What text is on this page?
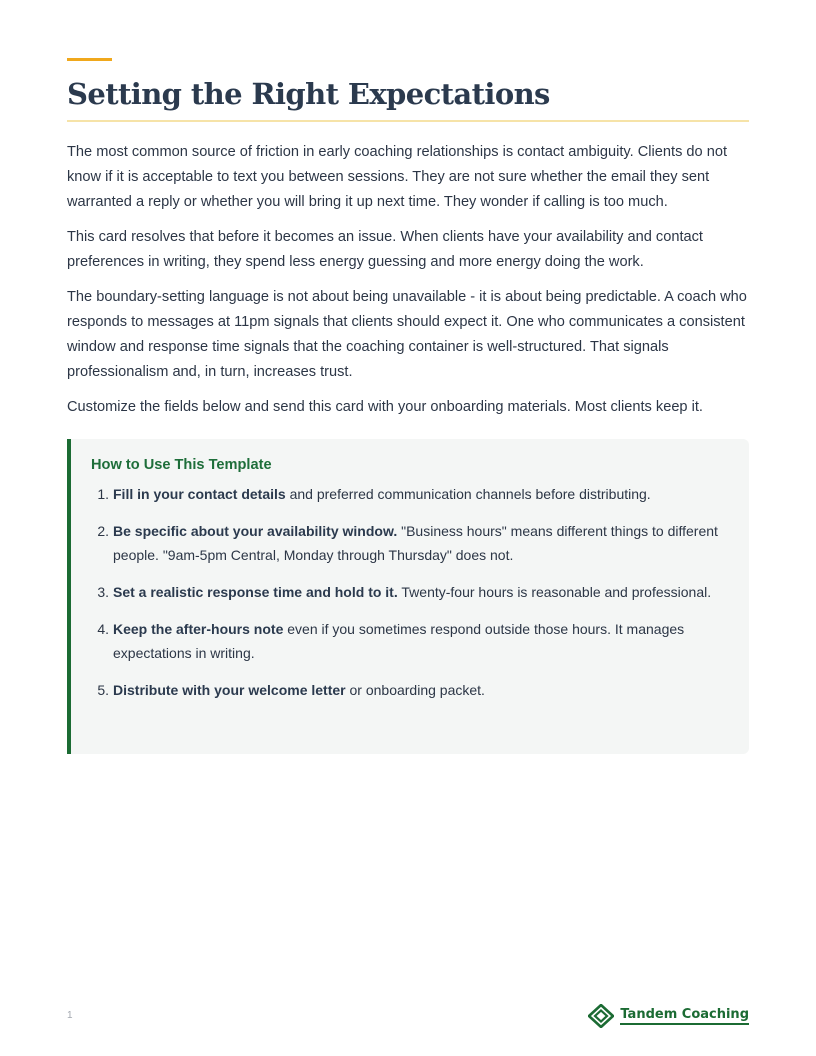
Setting the Right Expectations

The most common source of friction in early coaching relationships is contact ambiguity. Clients do not know if it is acceptable to text you between sessions. They are not sure whether the email they sent warranted a reply or whether you will bring it up next time. They wonder if calling is too much.

This card resolves that before it becomes an issue. When clients have your availability and contact preferences in writing, they spend less energy guessing and more energy doing the work.

The boundary-setting language is not about being unavailable - it is about being predictable. A coach who responds to messages at 11pm signals that clients should expect it. One who communicates a consistent window and response time signals that the coaching container is well-structured. That signals professionalism and, in turn, increases trust.

Customize the fields below and send this card with your onboarding materials. Most clients keep it.

How to Use This Template
1. Fill in your contact details and preferred communication channels before distributing.
2. Be specific about your availability window. "Business hours" means different things to different people. "9am-5pm Central, Monday through Thursday" does not.
3. Set a realistic response time and hold to it. Twenty-four hours is reasonable and professional.
4. Keep the after-hours note even if you sometimes respond outside those hours. It manages expectations in writing.
5. Distribute with your welcome letter or onboarding packet.
1	Tandem Coaching
